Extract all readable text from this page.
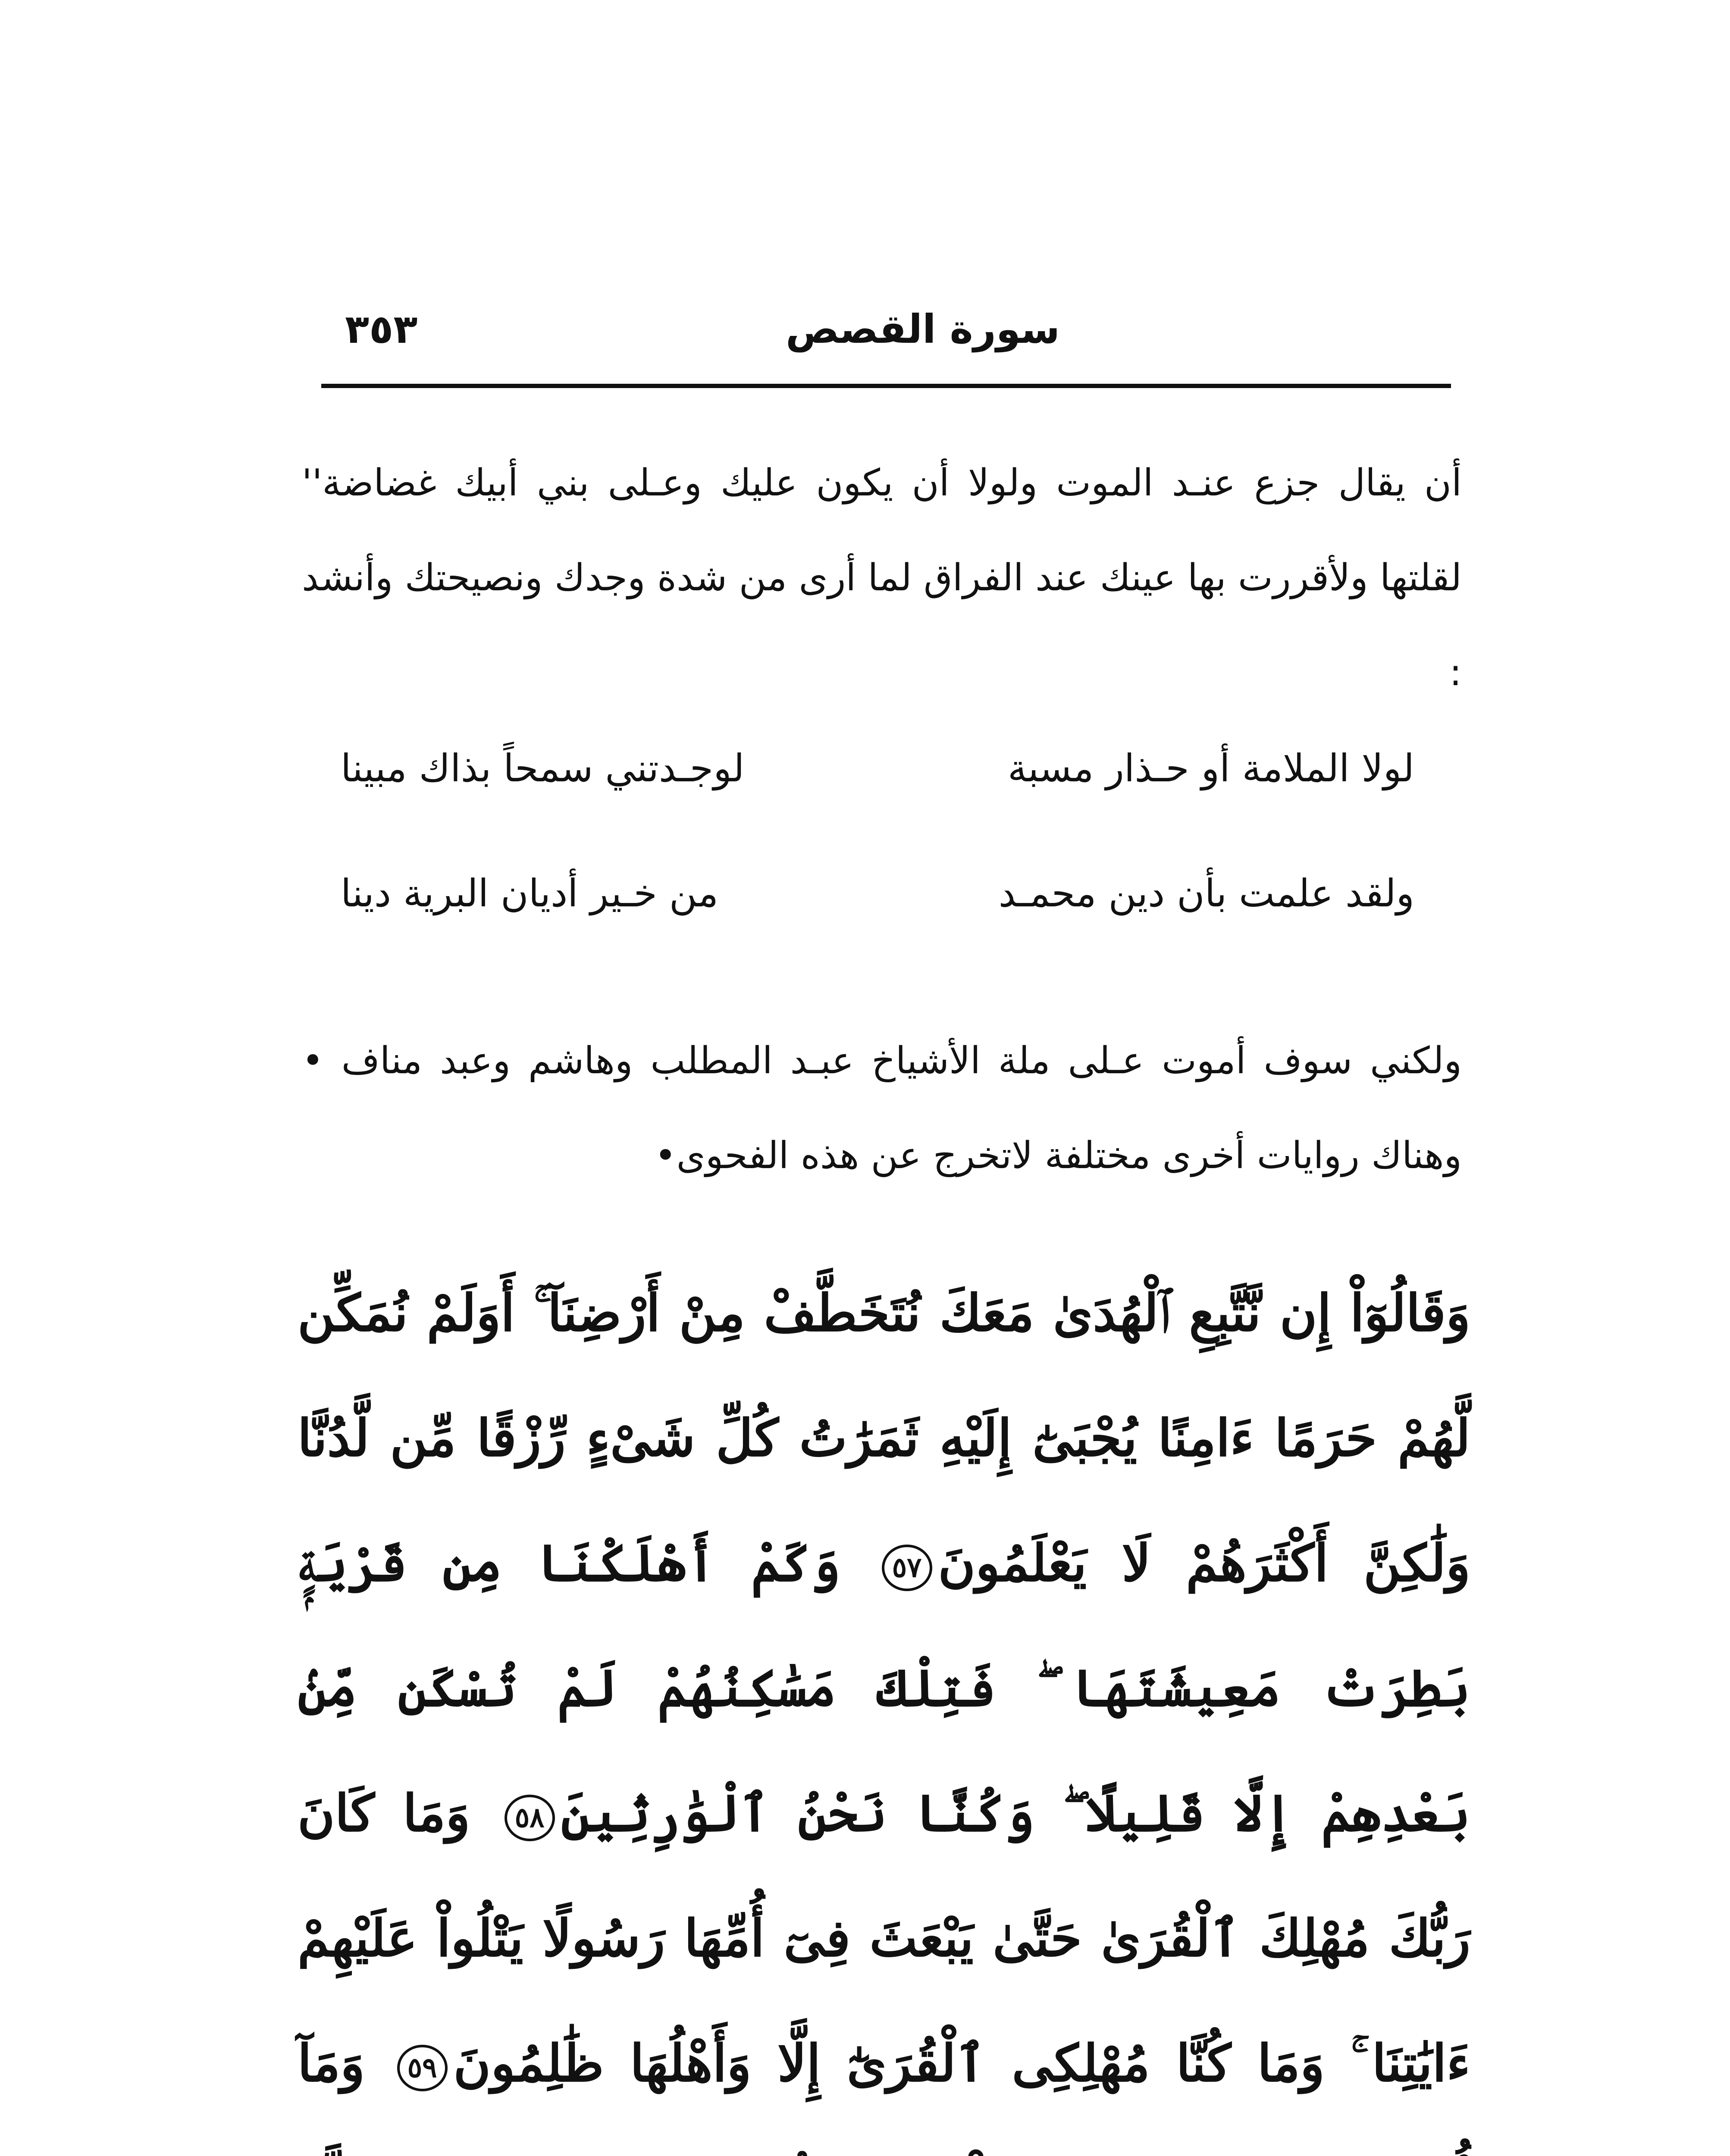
٣٥٣	سورة القصص

أن يقال جزع عنـد الموت ولولا أن يكون عليك وعـلى بني أبيك غضاضة'' لقلتها ولأقررت بها عينك عند الفراق لما أرى من شدة وجدك ونصيحتك وأنشد :

لولا الملامة أو حـذار مسبة
لوجـدتني سمحاً بذاك مبينا
ولقد علمت بأن دين محمـد
من خـير أديان البرية دينا

ولكني سوف أموت عـلى ملة الأشياخ عبـد المطلب وهاشم وعبد مناف • وهناك روايات أخرى مختلفة لاتخرج عن هذه الفحوى•

وَقَالُوٓاْ إِن نَّتَّبِعِ ٱلْهُدَىٰ مَعَكَ نُتَخَطَّفْ مِنْ أَرْضِنَآ ۚ أَوَلَمْ نُمَكِّن لَّهُمْ حَرَمًا ءَامِنًا يُجْبَىٰٓ إِلَيْهِ ثَمَرَٰتُ كُلِّ شَىْءٍ رِّزْقًا مِّن لَّدُنَّا وَلَٰكِنَّ أَكْثَرَهُمْ لَا يَعْلَمُونَ٥٧ وَكَمْ أَهْلَكْنَا مِن قَرْيَةٍۭ بَطِرَتْ مَعِيشَتَهَا ۖ فَتِلْكَ مَسَٰكِنُهُمْ لَمْ تُسْكَن مِّنۢ بَعْدِهِمْ إِلَّا قَلِيلًا ۖ وَكُنَّا نَحْنُ ٱلْوَٰرِثِينَ٥٨ وَمَا كَانَ رَبُّكَ مُهْلِكَ ٱلْقُرَىٰ حَتَّىٰ يَبْعَثَ فِىٓ أُمِّهَا رَسُولًا يَتْلُواْ عَلَيْهِمْ ءَايَٰتِنَا ۚ وَمَا كُنَّا مُهْلِكِى ٱلْقُرَىٰٓ إِلَّا وَأَهْلُهَا ظَٰلِمُونَ٥٩ وَمَآ
